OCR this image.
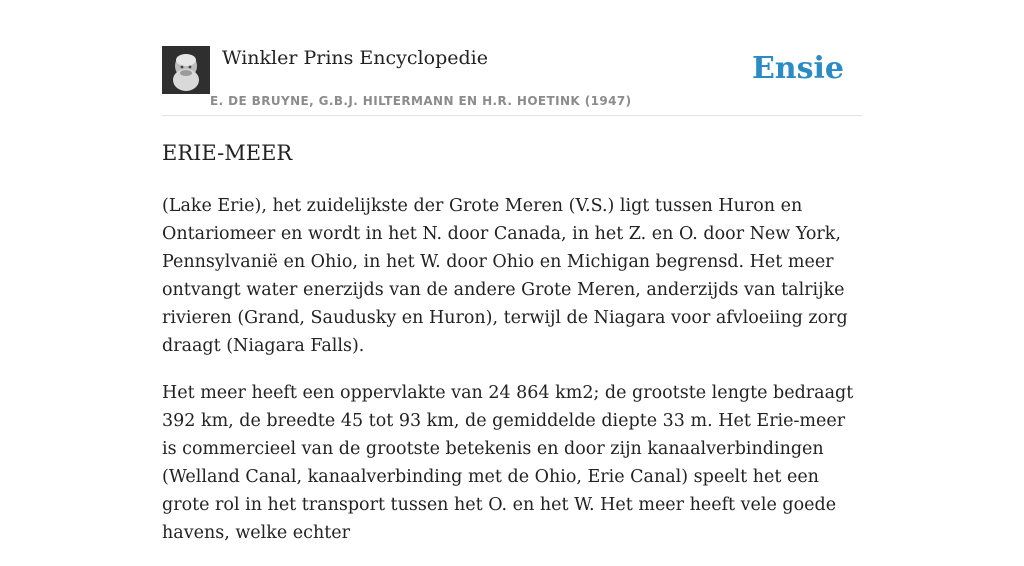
Winkler Prins Encyclopedie
E. DE BRUYNE, G.B.J. HILTERMANN EN H.R. HOETINK (1947)
Ensie
ERIE-MEER

(Lake Erie), het zuidelijkste der Grote Meren (V.S.) ligt tussen Huron en Ontariomeer en wordt in het N. door Canada, in het Z. en O. door New York, Pennsylvanië en Ohio, in het W. door Ohio en Michigan begrensd. Het meer ontvangt water enerzijds van de andere Grote Meren, anderzijds van talrijke rivieren (Grand, Saudusky en Huron), terwijl de Niagara voor afvloeiing zorg draagt (Niagara Falls).

Het meer heeft een oppervlakte van 24 864 km2; de grootste lengte bedraagt 392 km, de breedte 45 tot 93 km, de gemiddelde diepte 33 m. Het Erie-meer is commercieel van de grootste betekenis en door zijn kanaalverbindingen (Welland Canal, kanaalverbinding met de Ohio, Erie Canal) speelt het een grote rol in het transport tussen het O. en het W. Het meer heeft vele goede havens, welke echter
